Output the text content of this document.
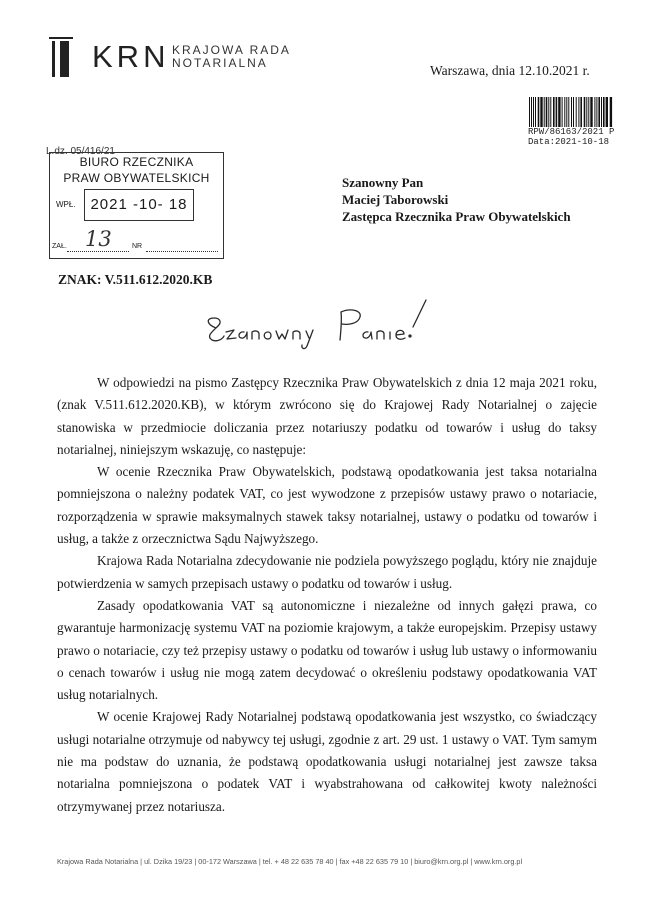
KRN KRAJOWA RADA
NOTARIALNA	Warszawa, dnia 12.10.2021 r.
RPW/86163/2021 P
Data:2021-10-18
L.dz. 05/416/21
BIURO RZECZNIKA
PRAW OBYWATELSKICH
WPŁ. 2021 -10- 18
ZAŁ. 13	NR
Szanowny Pan
Maciej Taborowski
Zastępca Rzecznika Praw Obywatelskich
ZNAK: V.511.612.2020.KB

W odpowiedzi na pismo Zastępcy Rzecznika Praw Obywatelskich z dnia 12 maja 2021 roku, (znak V.511.612.2020.KB), w którym zwrócono się do Krajowej Rady Notarialnej o zajęcie stanowiska w przedmiocie doliczania przez notariuszy podatku od towarów i usług do taksy notarialnej, niniejszym wskazuję, co następuje:

W ocenie Rzecznika Praw Obywatelskich, podstawą opodatkowania jest taksa notarialna pomniejszona o należny podatek VAT, co jest wywodzone z przepisów ustawy prawo o notariacie, rozporządzenia w sprawie maksymalnych stawek taksy notarialnej, ustawy o podatku od towarów i usług, a także z orzecznictwa Sądu Najwyższego.

Krajowa Rada Notarialna zdecydowanie nie podziela powyższego poglądu, który nie znajduje potwierdzenia w samych przepisach ustawy o podatku od towarów i usług.

Zasady opodatkowania VAT są autonomiczne i niezależne od innych gałęzi prawa, co gwarantuje harmonizację systemu VAT na poziomie krajowym, a także europejskim. Przepisy ustawy prawo o notariacie, czy też przepisy ustawy o podatku od towarów i usług lub ustawy o informowaniu o cenach towarów i usług nie mogą zatem decydować o określeniu podstawy opodatkowania VAT usług notarialnych.

W ocenie Krajowej Rady Notarialnej podstawą opodatkowania jest wszystko, co świadczący usługi notarialne otrzymuje od nabywcy tej usługi, zgodnie z art. 29 ust. 1 ustawy o VAT. Tym samym nie ma podstaw do uznania, że podstawą opodatkowania usługi notarialnej jest zawsze taksa notarialna pomniejszona o podatek VAT i wyabstrahowana od całkowitej kwoty należności otrzymywanej przez notariusza.

Krajowa Rada Notarialna | ul. Dzika 19/23 | 00-172 Warszawa | tel. + 48 22 635 78 40 | fax +48 22 635 79 10 | biuro@krn.org.pl | www.krn.org.pl
